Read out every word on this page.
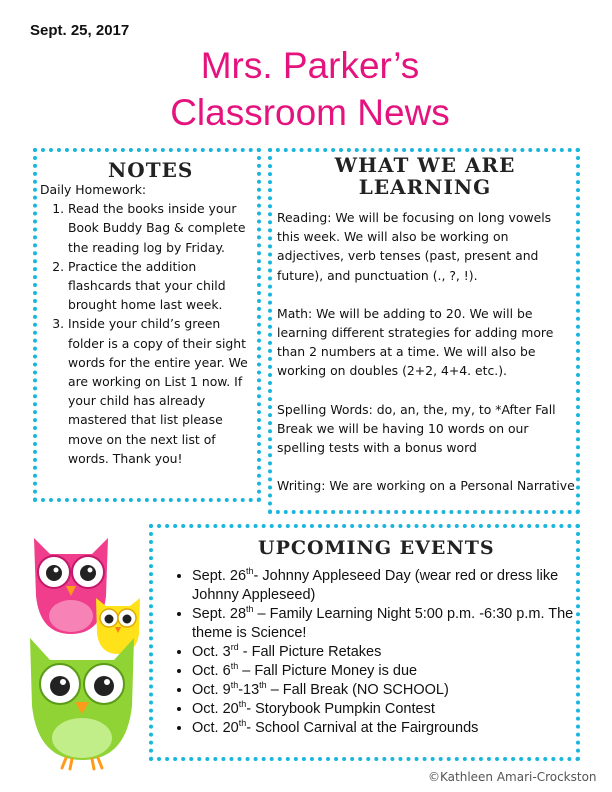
Sept. 25, 2017
Mrs. Parker’s
Classroom News
NOTES
Daily Homework:
1. Read the books inside your Book Buddy Bag & complete the reading log by Friday.
2. Practice the addition flashcards that your child brought home last week.
3. Inside your child’s green folder is a copy of their sight words for the entire year. We are working on List 1 now. If your child has already mastered that list please move on the next list of words. Thank you!
WHAT WE ARE
LEARNING

Reading: We will be focusing on long vowels this week. We will also be working on adjectives, verb tenses (past, present and future), and punctuation (., ?, !).

Math: We will be adding to 20. We will be learning different strategies for adding more than 2 numbers at a time. We will also be working on doubles (2+2, 4+4. etc.).

Spelling Words: do, an, the, my, to *After Fall Break we will be having 10 words on our spelling tests with a bonus word

Writing: We are working on a Personal Narrative

UPCOMING EVENTS
• Sept. 26th- Johnny Appleseed Day (wear red or dress like Johnny Appleseed)
• Sept. 28th – Family Learning Night 5:00 p.m. -6:30 p.m. The theme is Science!
• Oct. 3rd - Fall Picture Retakes
• Oct. 6th – Fall Picture Money is due
• Oct. 9th-13th – Fall Break (NO SCHOOL)
• Oct. 20th- Storybook Pumpkin Contest
• Oct. 20th- School Carnival at the Fairgrounds
©Kathleen Amari-Crockston
